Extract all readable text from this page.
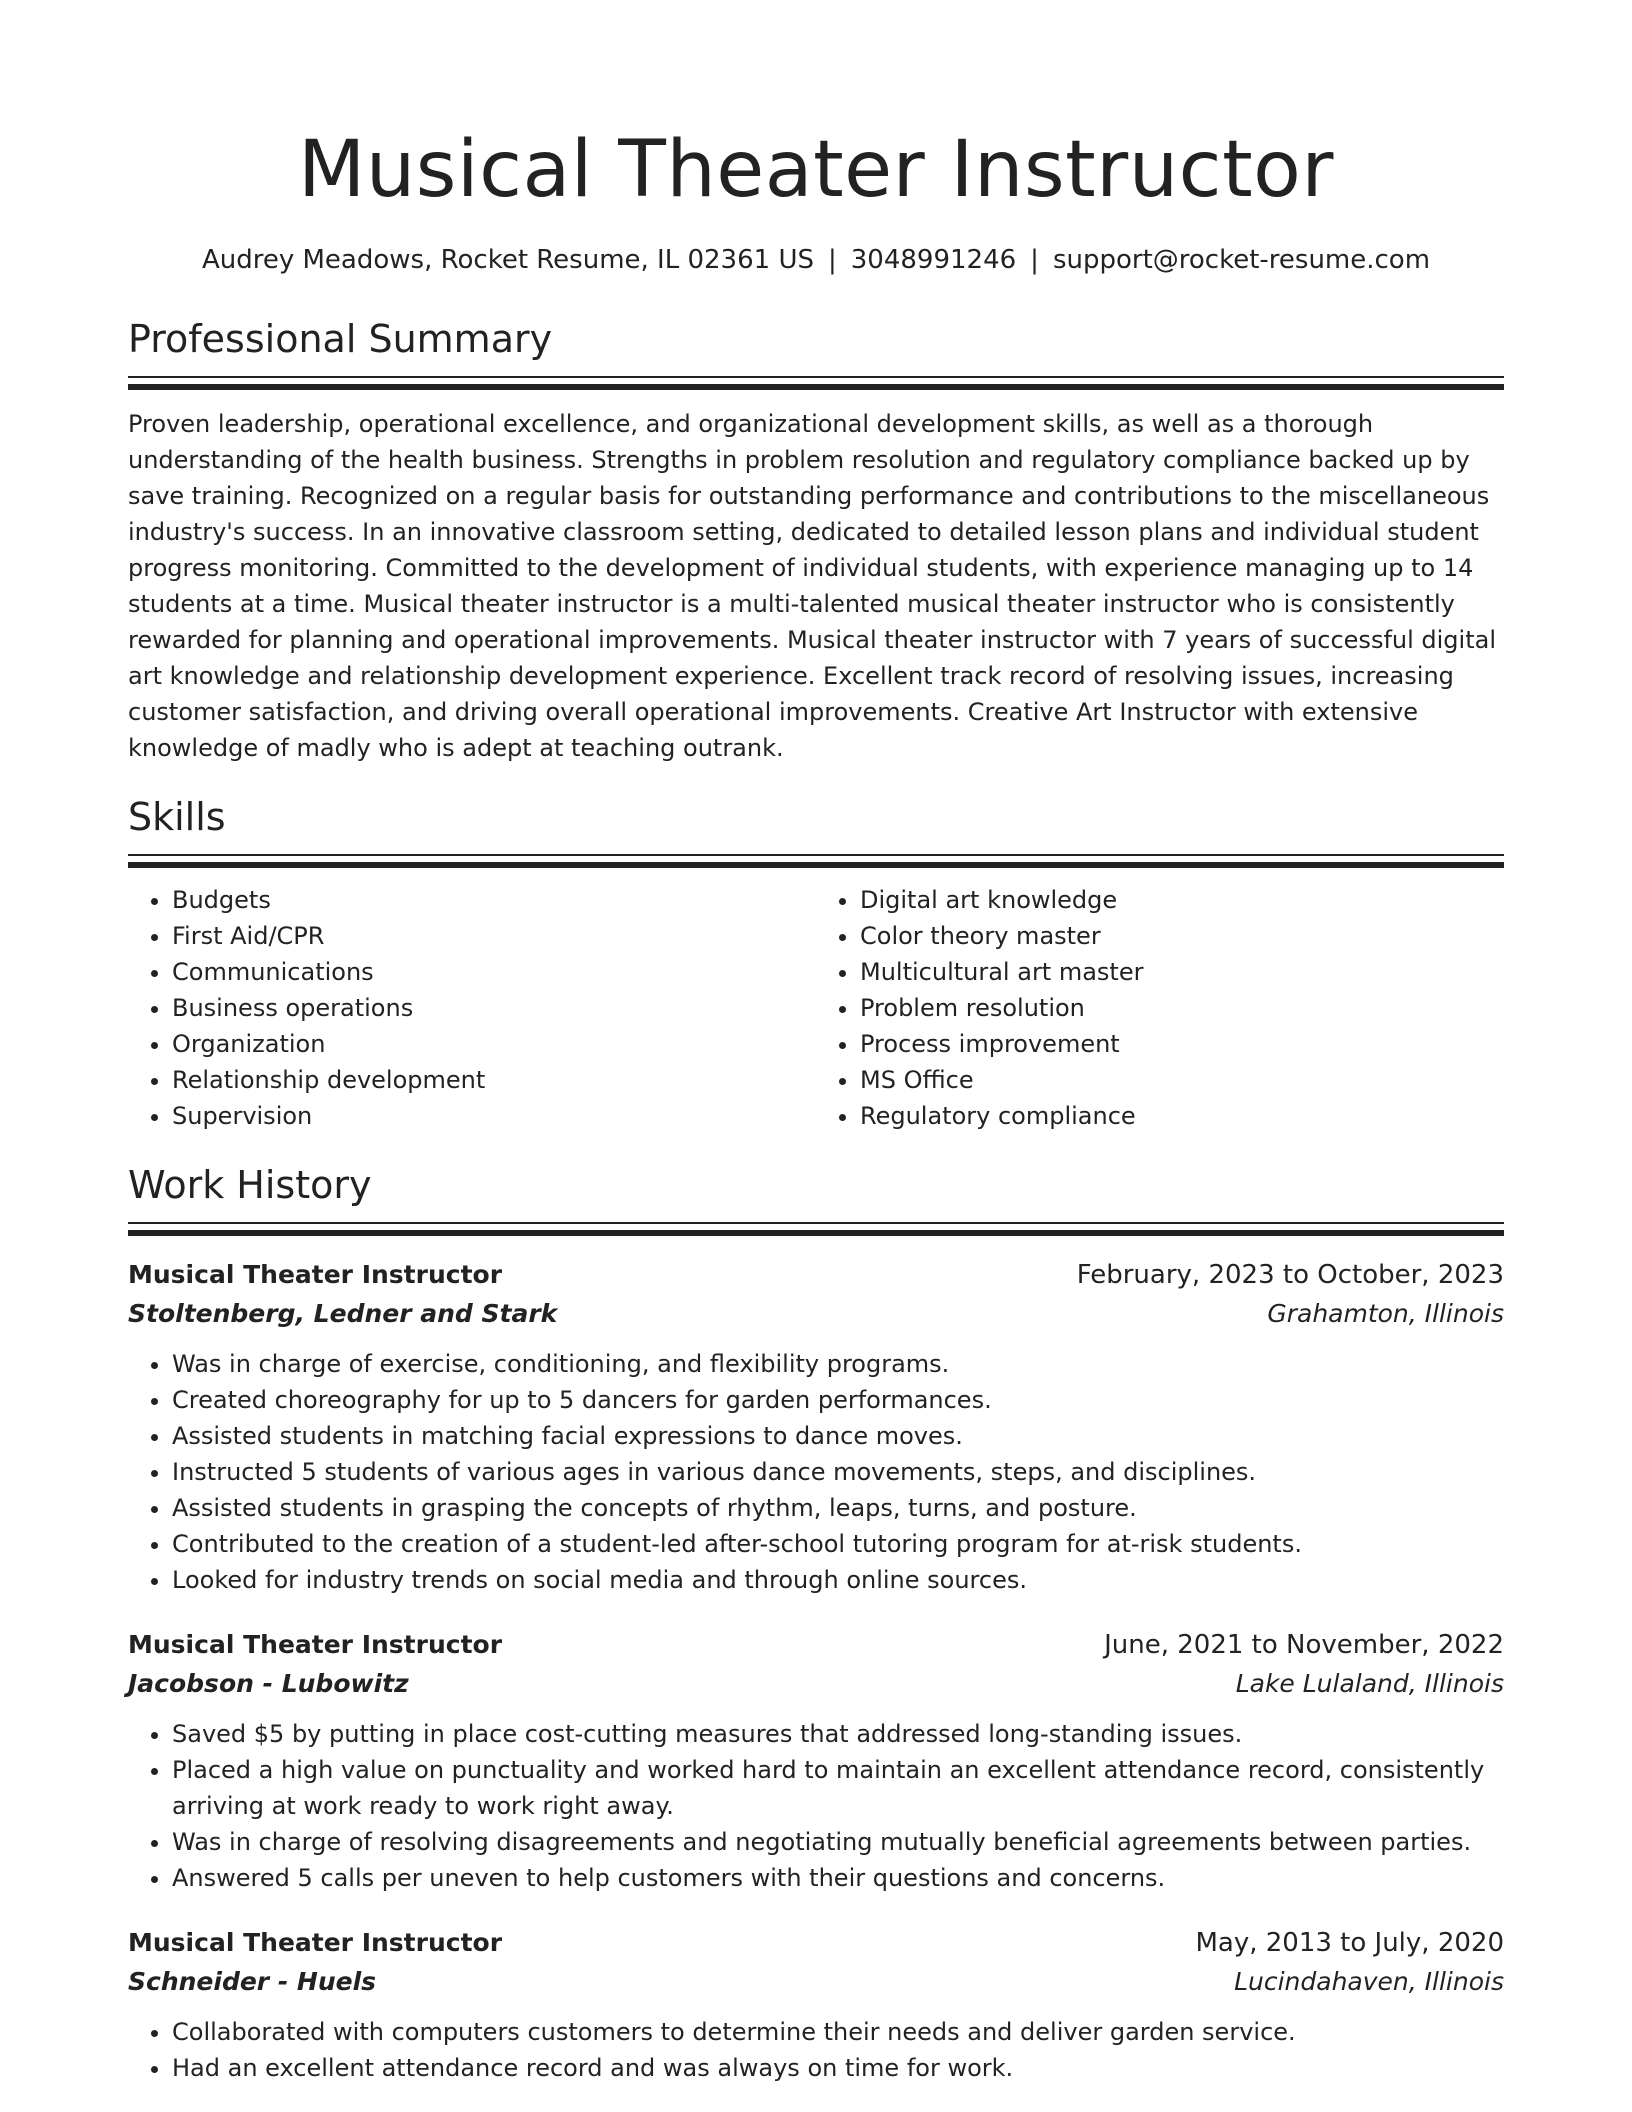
Musical Theater Instructor
Audrey Meadows, Rocket Resume, IL 02361 US | 3048991246 | support@rocket-resume.com
Professional Summary

Proven leadership, operational excellence, and organizational development skills, as well as a thorough understanding of the health business. Strengths in problem resolution and regulatory compliance backed up by save training. Recognized on a regular basis for outstanding performance and contributions to the miscellaneous industry's success. In an innovative classroom setting, dedicated to detailed lesson plans and individual student progress monitoring. Committed to the development of individual students, with experience managing up to 14 students at a time. Musical theater instructor is a multi-talented musical theater instructor who is consistently rewarded for planning and operational improvements. Musical theater instructor with 7 years of successful digital art knowledge and relationship development experience. Excellent track record of resolving issues, increasing customer satisfaction, and driving overall operational improvements. Creative Art Instructor with extensive knowledge of madly who is adept at teaching outrank.

Skills
• Budgets
• First Aid/CPR
• Communications
• Business operations
• Organization
• Relationship development
• Supervision
• Digital art knowledge
• Color theory master
• Multicultural art master
• Problem resolution
• Process improvement
• MS Office
• Regulatory compliance
Work History
Musical Theater Instructor	February, 2023 to October, 2023
Stoltenberg, Ledner and Stark	Grahamton, Illinois
• Was in charge of exercise, conditioning, and flexibility programs.
• Created choreography for up to 5 dancers for garden performances.
• Assisted students in matching facial expressions to dance moves.
• Instructed 5 students of various ages in various dance movements, steps, and disciplines.
• Assisted students in grasping the concepts of rhythm, leaps, turns, and posture.
• Contributed to the creation of a student-led after-school tutoring program for at-risk students.
• Looked for industry trends on social media and through online sources.
Musical Theater Instructor	June, 2021 to November, 2022
Jacobson - Lubowitz	Lake Lulaland, Illinois
• Saved $5 by putting in place cost-cutting measures that addressed long-standing issues.
• Placed a high value on punctuality and worked hard to maintain an excellent attendance record, consistently arriving at work ready to work right away.
• Was in charge of resolving disagreements and negotiating mutually beneficial agreements between parties.
• Answered 5 calls per uneven to help customers with their questions and concerns.
Musical Theater Instructor	May, 2013 to July, 2020
Schneider - Huels	Lucindahaven, Illinois
• Collaborated with computers customers to determine their needs and deliver garden service.
• Had an excellent attendance record and was always on time for work.
